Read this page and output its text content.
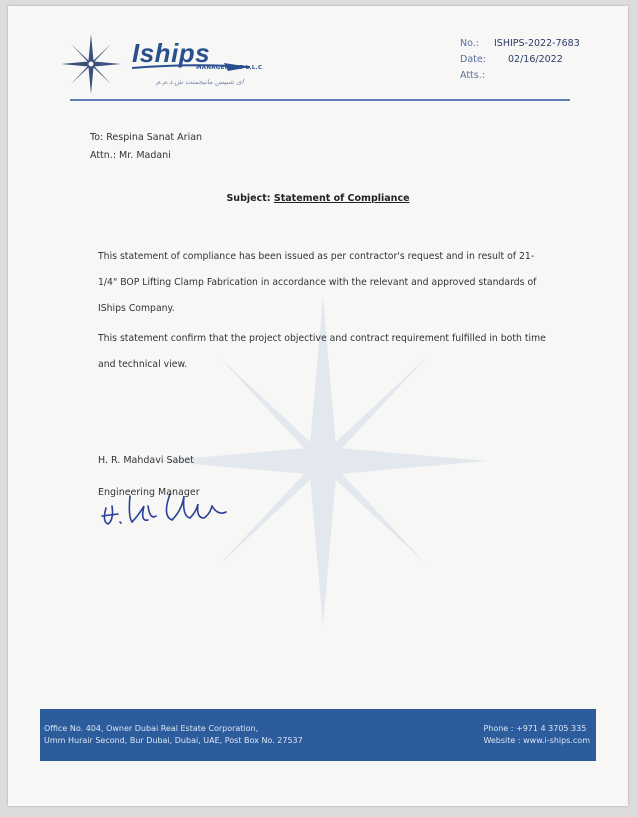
Iships
MANAGEMENT L.L.C
ای شیپس مانیجمنت ش.ذ.م.م
No.:	ISHIPS-2022-7683
Date:	02/16/2022
Atts.:
To: Respina Sanat Arian
Attn.: Mr. Madani
Subject: Statement of Compliance

This statement of compliance has been issued as per contractor's request and in result of 21-1/4" BOP Lifting Clamp Fabrication in accordance with the relevant and approved standards of IShips Company.

This statement confirm that the project objective and contract requirement fulfilled in both time and technical view.

H. R. Mahdavi Sabet
Engineering Manager
Office No. 404, Owner Dubai Real Estate Corporation,
Umm Hurair Second, Bur Dubai, Dubai, UAE, Post Box No. 27537
Phone : +971 4 3705 335
Website : www.i-ships.com
